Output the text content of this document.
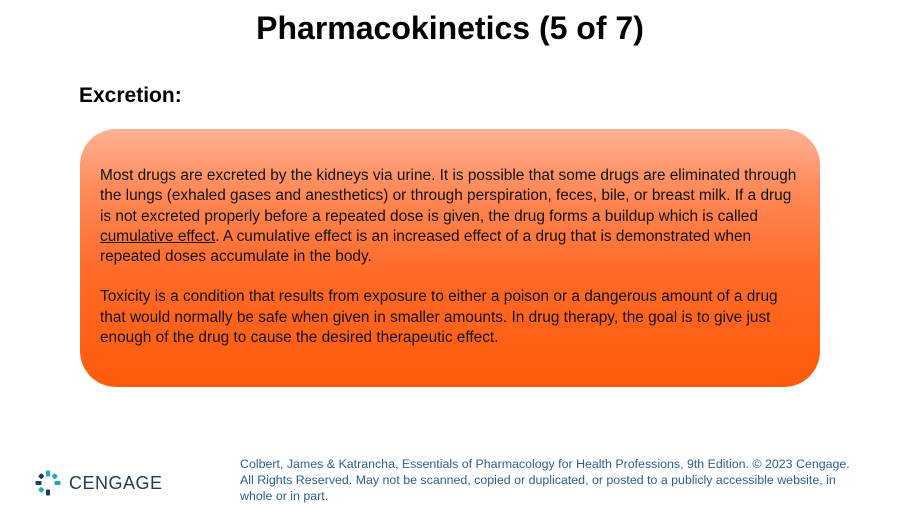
Pharmacokinetics (5 of 7)
Excretion:

Most drugs are excreted by the kidneys via urine. It is possible that some drugs are eliminated through the lungs (exhaled gases and anesthetics) or through perspiration, feces, bile, or breast milk. If a drug is not excreted properly before a repeated dose is given, the drug forms a buildup which is called cumulative effect. A cumulative effect is an increased effect of a drug that is demonstrated when repeated doses accumulate in the body.

Toxicity is a condition that results from exposure to either a poison or a dangerous amount of a drug that would normally be safe when given in smaller amounts. In drug therapy, the goal is to give just enough of the drug to cause the desired therapeutic effect.

CENGAGE

Colbert, James & Katrancha, Essentials of Pharmacology for Health Professions, 9th Edition. © 2023 Cengage. All Rights Reserved. May not be scanned, copied or duplicated, or posted to a publicly accessible website, in whole or in part.
